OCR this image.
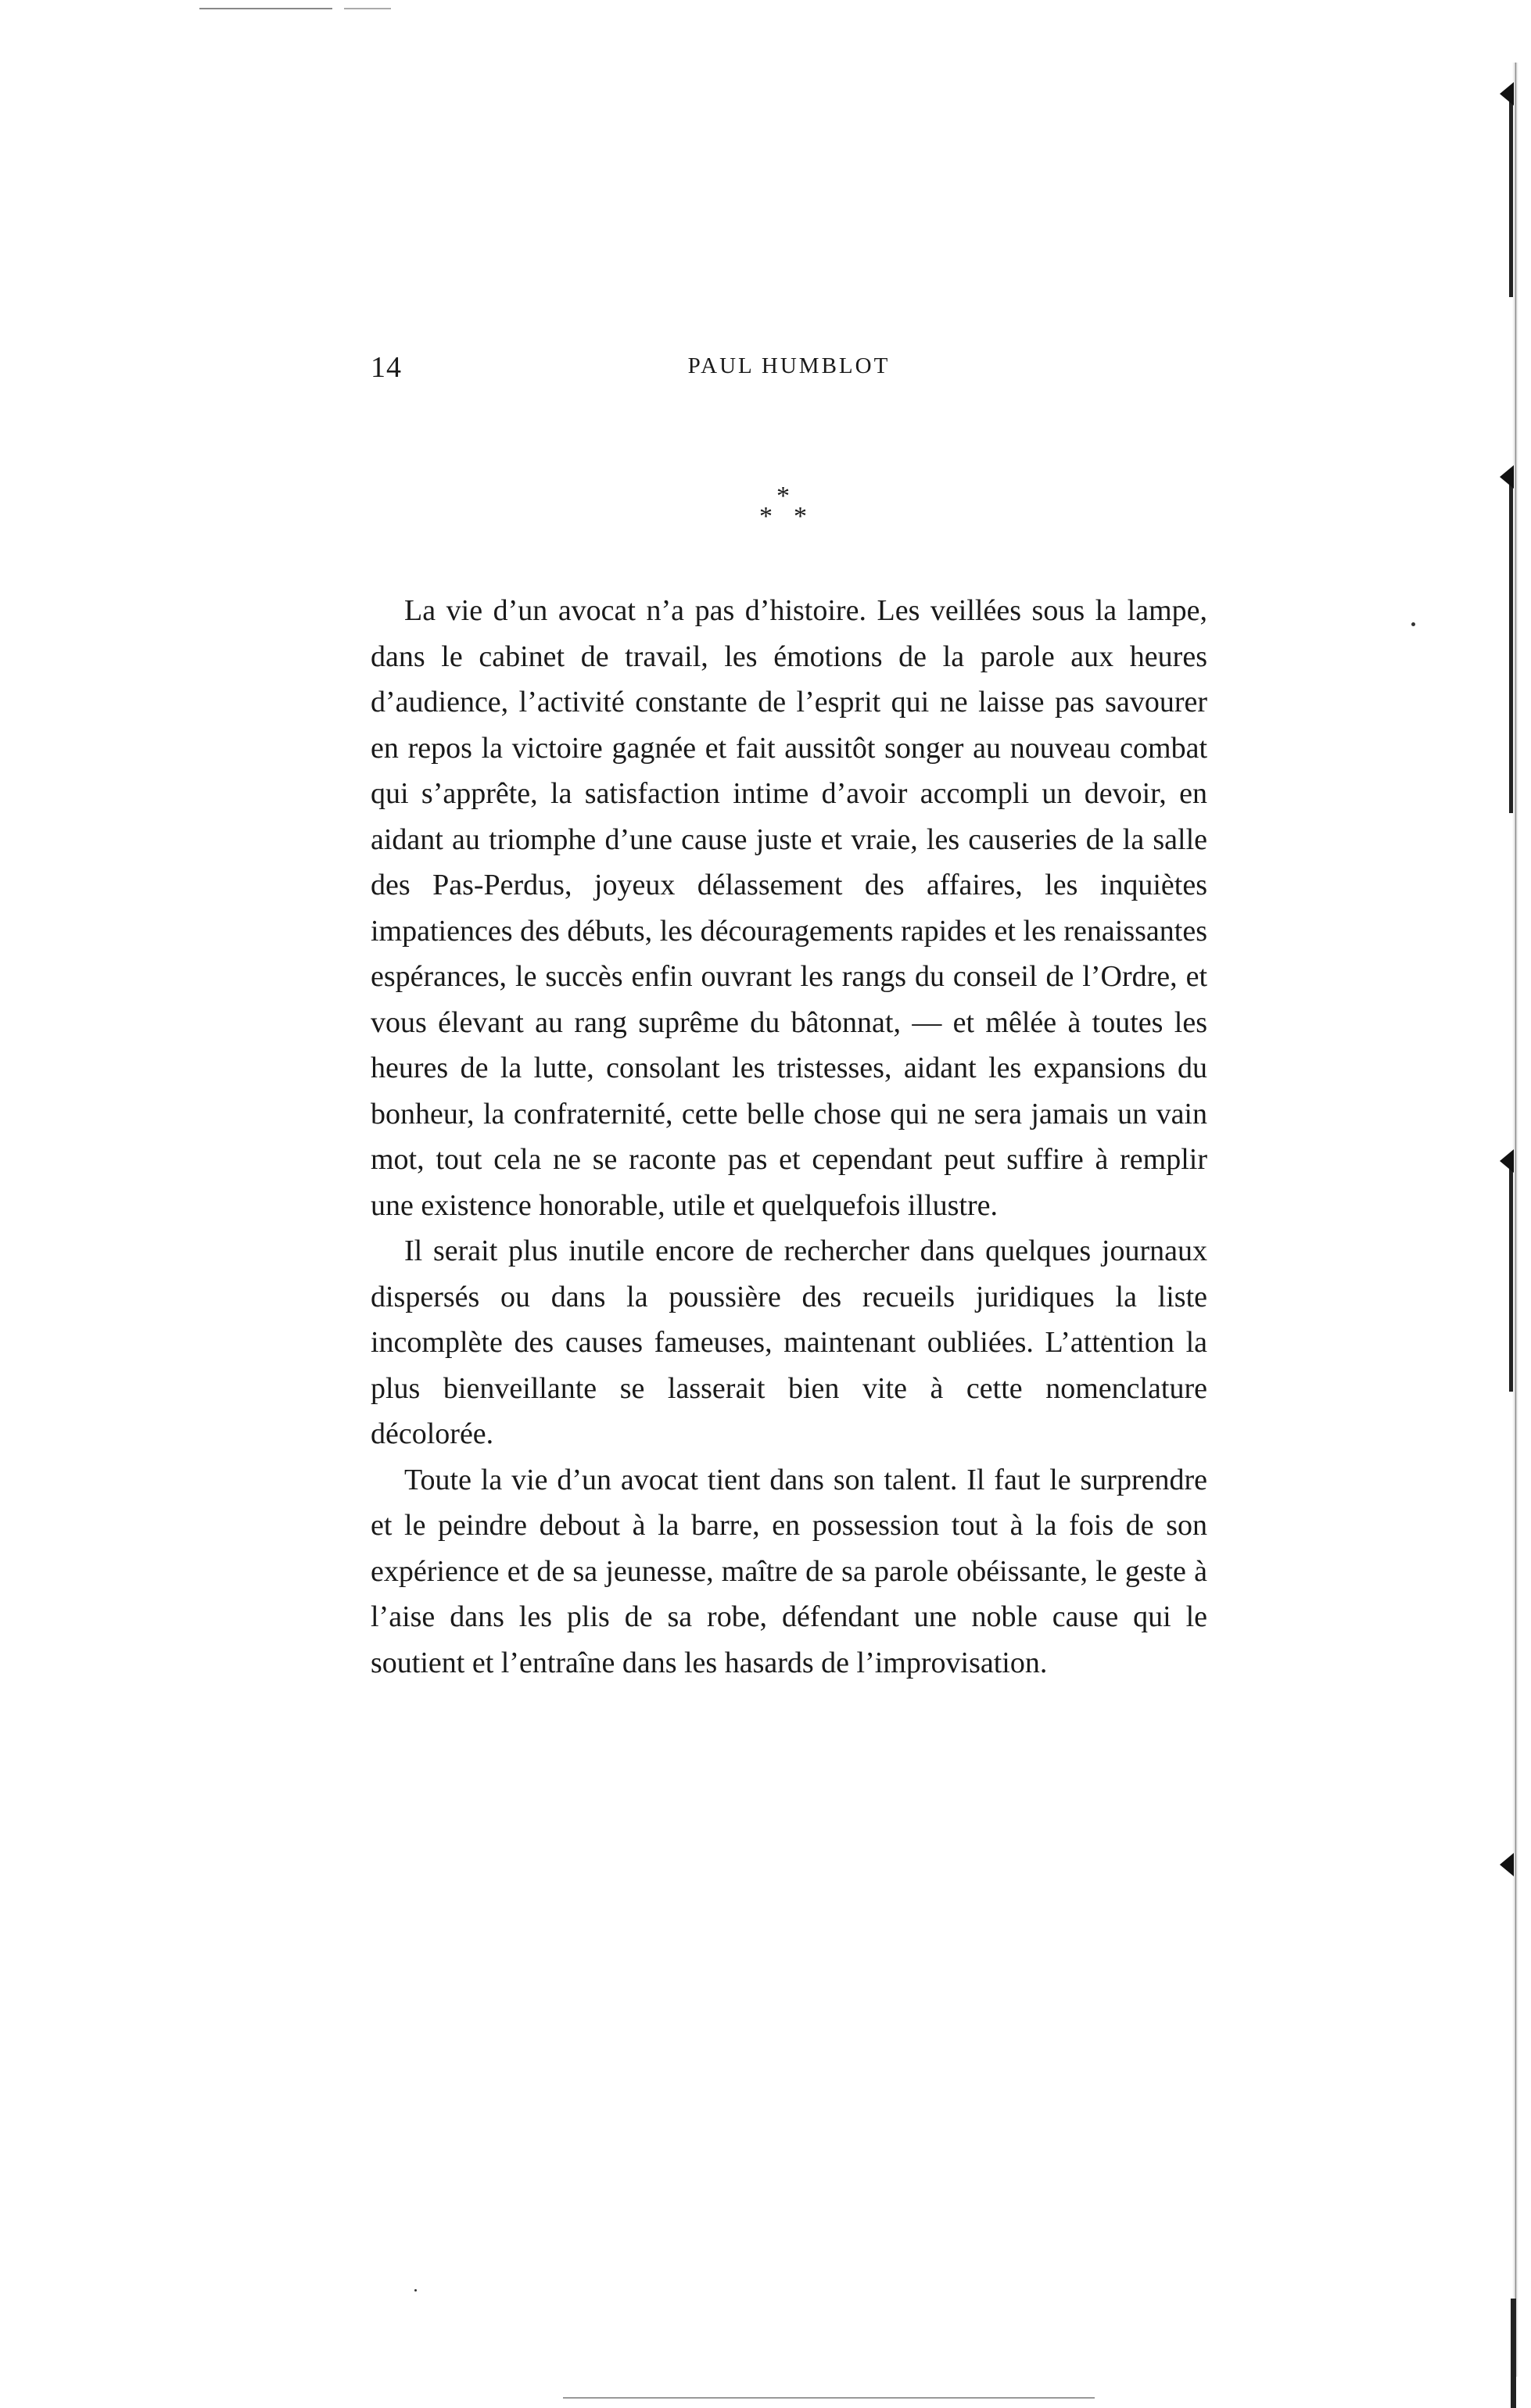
14	PAUL HUMBLOT
*
* *

La vie d’un avocat n’a pas d’histoire. Les veillées sous la lampe, dans le cabinet de travail, les émotions de la parole aux heures d’audience, l’activité constante de l’esprit qui ne laisse pas savourer en repos la victoire gagnée et fait aussitôt songer au nouveau combat qui s’apprête, la satisfaction intime d’avoir accompli un devoir, en aidant au triomphe d’une cause juste et vraie, les causeries de la salle des Pas-Perdus, joyeux délassement des affaires, les inquiètes impatiences des débuts, les découragements rapides et les renaissantes espérances, le succès enfin ouvrant les rangs du conseil de l’Ordre, et vous élevant au rang suprême du bâtonnat, — et mêlée à toutes les heures de la lutte, consolant les tristesses, aidant les expansions du bonheur, la confraternité, cette belle chose qui ne sera jamais un vain mot, tout cela ne se raconte pas et cependant peut suffire à remplir une existence honorable, utile et quelquefois illustre.

Il serait plus inutile encore de rechercher dans quelques journaux dispersés ou dans la poussière des recueils juridiques la liste incomplète des causes fameuses, maintenant oubliées. L’attention la plus bienveillante se lasserait bien vite à cette nomenclature décolorée.

Toute la vie d’un avocat tient dans son talent. Il faut le surprendre et le peindre debout à la barre, en possession tout à la fois de son expérience et de sa jeunesse, maître de sa parole obéissante, le geste à l’aise dans les plis de sa robe, défendant une noble cause qui le soutient et l’entraîne dans les hasards de l’improvisation.
